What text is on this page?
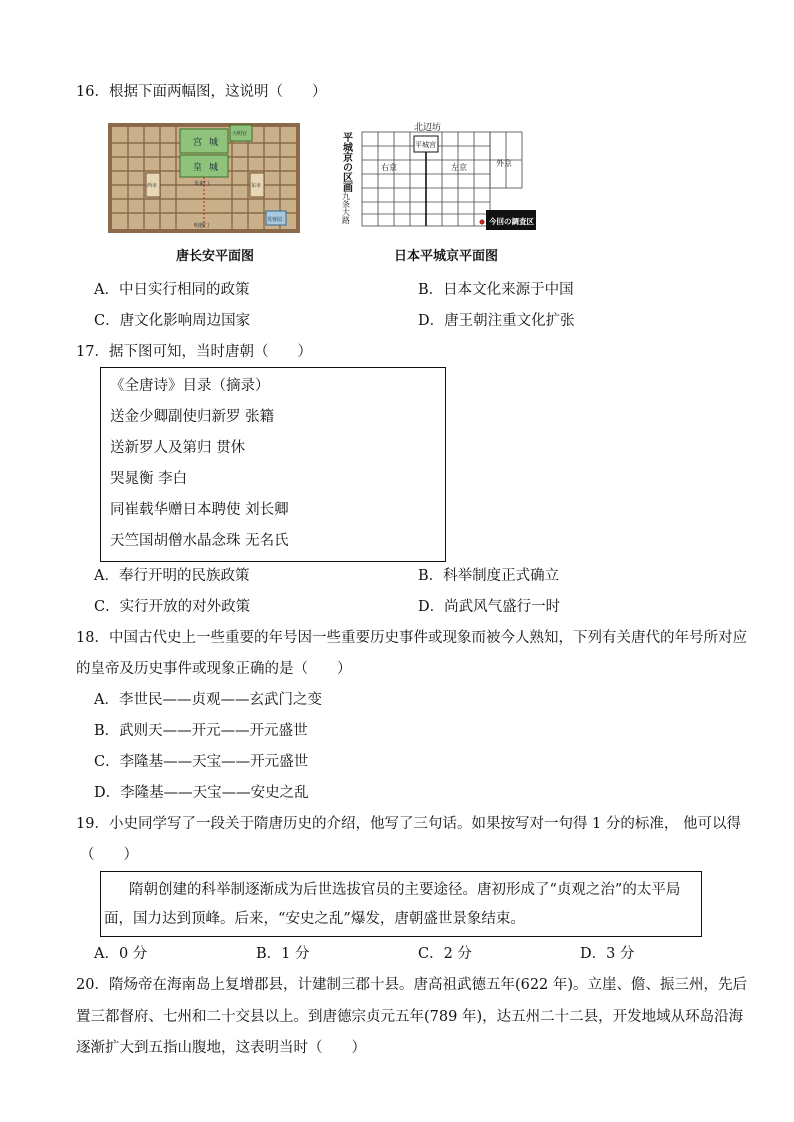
16．根据下面两幅图，这说明（　　）
宫 城
皇 城
东市
西市	朱雀门
明德门
大明宫
芙蓉园
唐长安平面图
平城京の区画
九条大路
北辺坊
平城宫
右京	左京	外京
今回の調査区
日本平城京平面图
A．中日实行相同的政策	B．日本文化来源于中国
C．唐文化影响周边国家	D．唐王朝注重文化扩张
17．据下图可知，当时唐朝（　　）
《全唐诗》目录（摘录）
送金少卿副使归新罗 张籍
送新罗人及第归 贯休
哭晁衡 李白
同崔载华赠日本聘使 刘长卿
天竺国胡僧水晶念珠 无名氏
A．奉行开明的民族政策	B．科举制度正式确立
C．实行开放的对外政策	D．尚武风气盛行一时
18．中国古代史上一些重要的年号因一些重要历史事件或现象而被今人熟知，下列有关唐代的年号所对应
的皇帝及历史事件或现象正确的是（　　）
A．李世民——贞观——玄武门之变
B．武则天——开元——开元盛世
C．李隆基——天宝——开元盛世
D．李隆基——天宝——安史之乱
19．小史同学写了一段关于隋唐历史的介绍，他写了三句话。如果按写对一句得 1 分的标准， 他可以得
（　　）
隋朝创建的科举制逐渐成为后世选拔官员的主要途径。唐初形成了“贞观之治”的太平局
面，国力达到顶峰。后来，“安史之乱”爆发，唐朝盛世景象结束。
A．0 分	B．1 分	C．2 分	D．3 分
20．隋炀帝在海南岛上复增郡县，计建制三郡十县。唐高祖武德五年(622 年)。立崖、儋、振三州，先后
置三都督府、七州和二十交县以上。到唐德宗贞元五年(789 年)，达五州二十二县，开发地域从环岛沿海
逐渐扩大到五指山腹地，这表明当时（　　）
